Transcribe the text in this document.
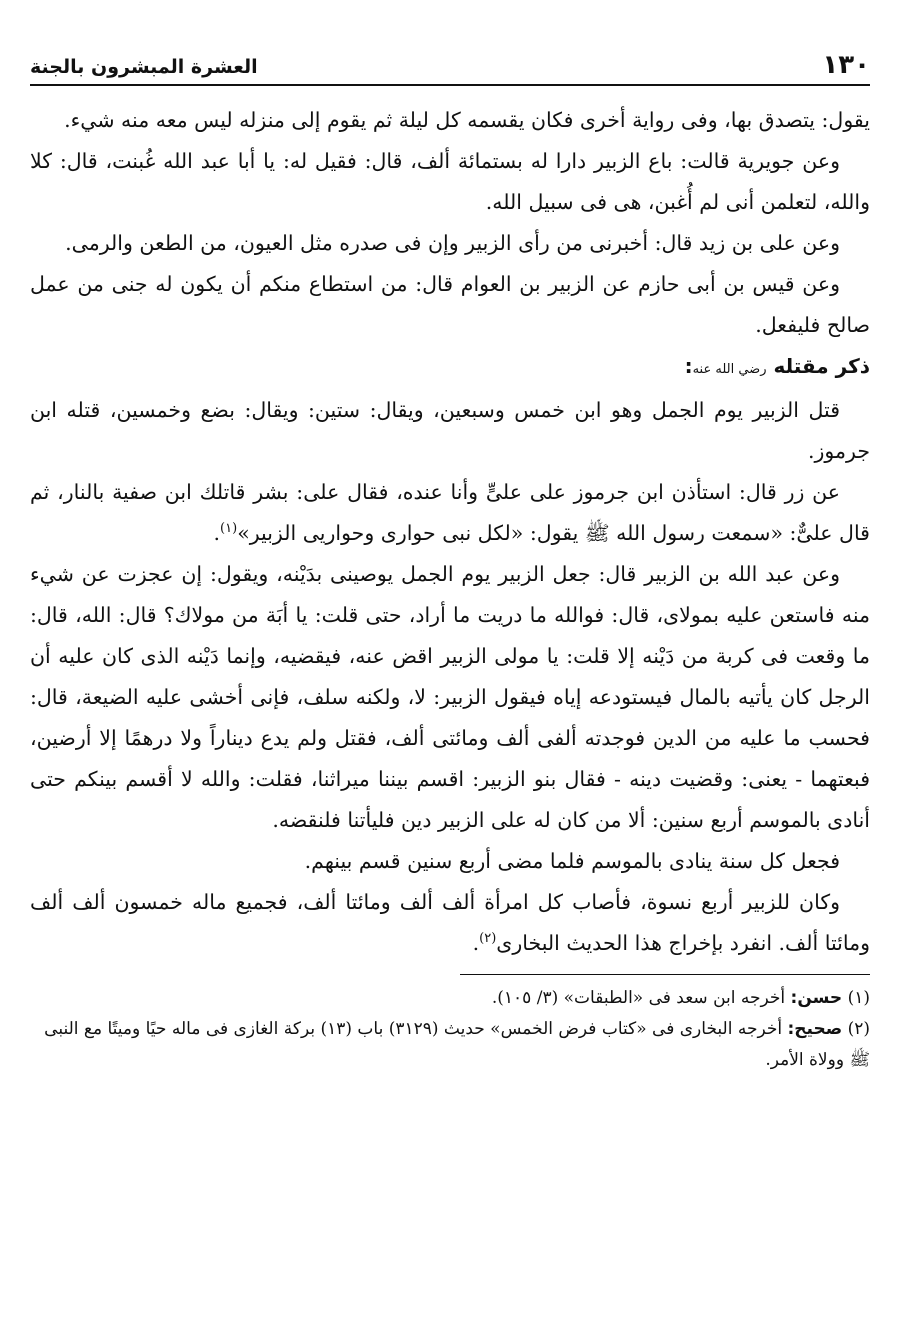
١٣٠
العشرة المبشرون بالجنة

يقول: يتصدق بها، وفى رواية أخرى فكان يقسمه كل ليلة ثم يقوم إلى منزله ليس معه منه شيء.

وعن جويرية قالت: باع الزبير دارا له بستمائة ألف، قال: فقيل له: يا أبا عبد الله غُبنت، قال: كلا والله، لتعلمن أنى لم أُغبن، هى فى سبيل الله.

وعن على بن زيد قال: أخبرنى من رأى الزبير وإن فى صدره مثل العيون، من الطعن والرمى.

وعن قيس بن أبى حازم عن الزبير بن العوام قال: من استطاع منكم أن يكون له جنى من عمل صالح فليفعل.

ذكر مقتله رضي الله عنه:

قتل الزبير يوم الجمل وهو ابن خمس وسبعين، ويقال: ستين: ويقال: بضع وخمسين، قتله ابن جرموز.

عن زر قال: استأذن ابن جرموز على علىٍّ وأنا عنده، فقال على: بشر قاتلك ابن صفية بالنار، ثم قال علىٌّ: «سمعت رسول الله ﷺ يقول: «لكل نبى حوارى وحواريى الزبير»$^{(١)}$.

وعن عبد الله بن الزبير قال: جعل الزبير يوم الجمل يوصينى بدَيْنه، ويقول: إن عجزت عن شيء منه فاستعن عليه بمولاى، قال: فوالله ما دريت ما أراد، حتى قلت: يا أبَة من مولاك؟ قال: الله، قال: ما وقعت فى كربة من دَيْنه إلا قلت: يا مولى الزبير اقض عنه، فيقضيه، وإنما دَيْنه الذى كان عليه أن الرجل كان يأتيه بالمال فيستودعه إياه فيقول الزبير: لا، ولكنه سلف، فإنى أخشى عليه الضيعة، قال: فحسب ما عليه من الدين فوجدته ألفى ألف ومائتى ألف، فقتل ولم يدع ديناراً ولا درهمًا إلا أرضين، فبعتهما - يعنى: وقضيت دينه - فقال بنو الزبير: اقسم بيننا ميراثنا، فقلت: والله لا أقسم بينكم حتى أنادى بالموسم أربع سنين: ألا من كان له على الزبير دين فليأتنا فلنقضه.

فجعل كل سنة ينادى بالموسم فلما مضى أربع سنين قسم بينهم.

وكان للزبير أربع نسوة، فأصاب كل امرأة ألف ألف ومائتا ألف، فجميع ماله خمسون ألف ألف ومائتا ألف. انفرد بإخراج هذا الحديث البخارى$^{(٢)}$.

(١) حسن: أخرجه ابن سعد فى «الطبقات» (٣/ ١٠٥).

(٢) صحيح: أخرجه البخارى فى «كتاب فرض الخمس» حديث (٣١٢٩) باب (١٣) بركة الغازى فى ماله حيًا وميتًا مع النبى ﷺ وولاة الأمر.
